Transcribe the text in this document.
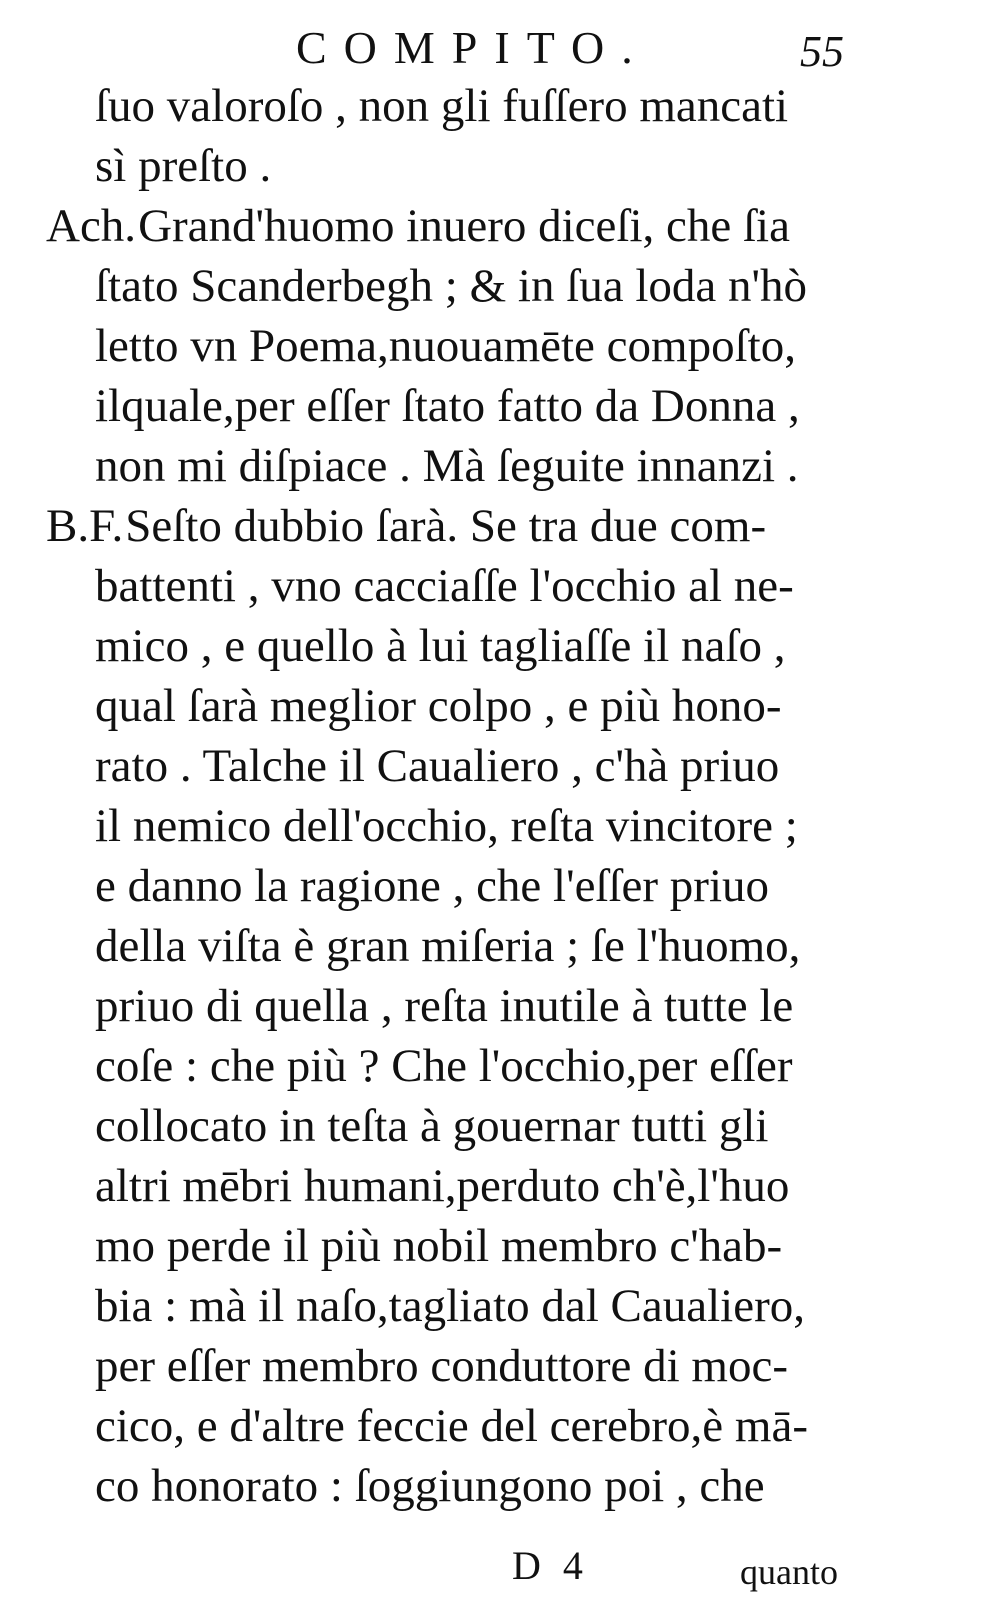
COMPITO.	55
ſuo valoroſo , non gli fuſſero mancati
sì preſto .
Ach.Grand'huomo inuero diceſi, che ſia
ſtato Scanderbegh ; & in ſua loda n'hò
letto vn Poema,nuouamēte compoſto,
ilquale,per eſſer ſtato fatto da Donna ,
non mi diſpiace . Mà ſeguite innanzi .
B.F.Seſto dubbio ſarà. Se tra due com-
battenti , vno cacciaſſe l'occhio al ne-
mico , e quello à lui tagliaſſe il naſo ,
qual ſarà meglior colpo , e più hono-
rato . Talche il Caualiero , c'hà priuo
il nemico dell'occhio, reſta vincitore ;
e danno la ragione , che l'eſſer priuo
della viſta è gran miſeria ; ſe l'huomo,
priuo di quella , reſta inutile à tutte le
coſe : che più ? Che l'occhio,per eſſer
collocato in teſta à gouernar tutti gli
altri mēbri humani,perduto ch'è,l'huo
mo perde il più nobil membro c'hab-
bia : mà il naſo,tagliato dal Caualiero,
per eſſer membro conduttore di moc-
cico, e d'altre feccie del cerebro,è mā-
co honorato : ſoggiungono poi , che
D 4	quanto
